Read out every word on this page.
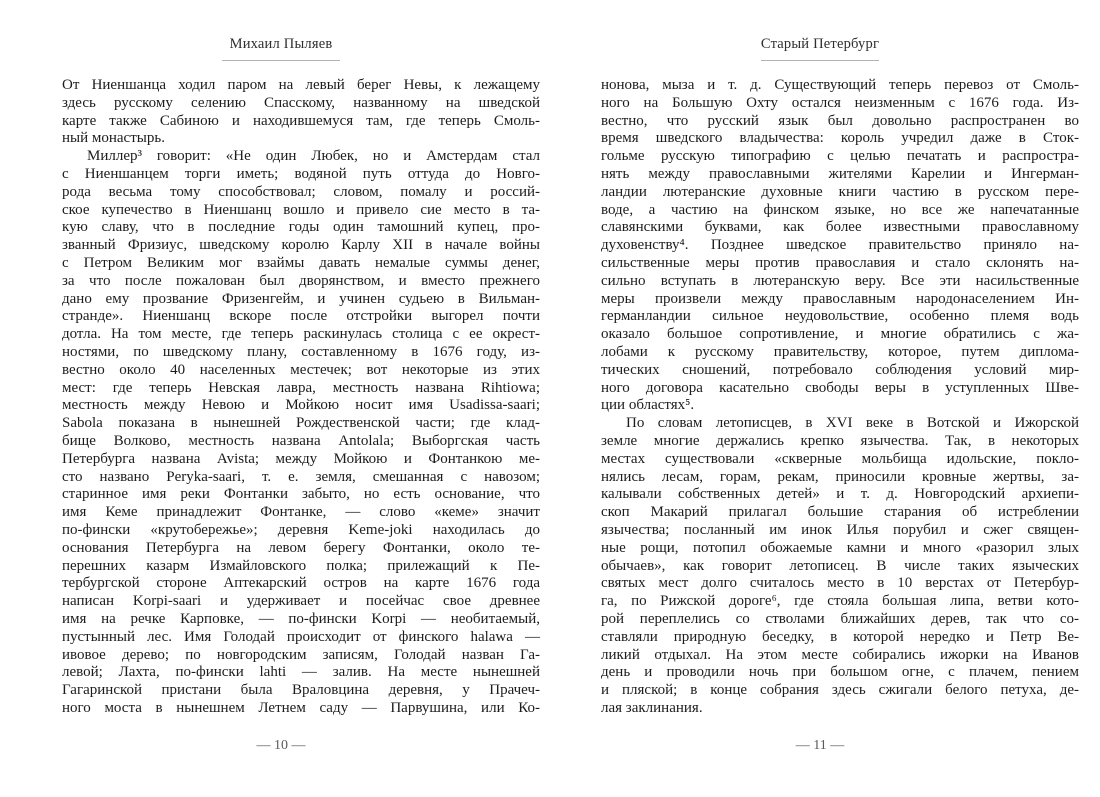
Михаил Пыляев
От Ниеншанца ходил паром на левый берег Невы, к лежащему
здесь русскому селению Спасскому, названному на шведской
карте также Сабиною и находившемуся там, где теперь Смоль-
ный монастырь.
Миллер³ говорит: «Не один Любек, но и Амстердам стал
с Ниеншанцем торги иметь; водяной путь оттуда до Новго-
рода весьма тому способствовал; словом, помалу и россий-
ское купечество в Ниеншанц вошло и привело сие место в та-
кую славу, что в последние годы один тамошний купец, про-
званный Фризиус, шведскому королю Карлу XII в начале войны
с Петром Великим мог взаймы давать немалые суммы денег,
за что после пожалован был дворянством, и вместо прежнего
дано ему прозвание Фризенгейм, и учинен судьею в Вильман-
странде». Ниеншанц вскоре после отстройки выгорел почти
дотла. На том месте, где теперь раскинулась столица с ее окрест-
ностями, по шведскому плану, составленному в 1676 году, из-
вестно около 40 населенных местечек; вот некоторые из этих
мест: где теперь Невская лавра, местность названа Rihtiowa;
местность между Невою и Мойкою носит имя Usadissa-saari;
Sabola показана в нынешней Рождественской части; где клад-
бище Волково, местность названа Antolala; Выборгская часть
Петербурга названа Avista; между Мойкою и Фонтанкою ме-
сто названо Peryka-saari, т. е. земля, смешанная с навозом;
старинное имя реки Фонтанки забыто, но есть основание, что
имя Кеме принадлежит Фонтанке, — слово «кеме» значит
по-фински «крутобережье»; деревня Keme-joki находилась до
основания Петербурга на левом берегу Фонтанки, около те-
перешних казарм Измайловского полка; прилежащий к Пе-
тербургской стороне Аптекарский остров на карте 1676 года
написан Korpi-saari и удерживает и посейчас свое древнее
имя на речке Карповке, — по-фински Korpi — необитаемый,
пустынный лес. Имя Голодай происходит от финского halawa —
ивовое дерево; по новгородским записям, Голодай назван Га-
левой; Лахта, по-фински lahti — залив. На месте нынешней
Гагаринской пристани была Враловцина деревня, у Прачеч-
ного моста в нынешнем Летнем саду — Парвушина, или Ко-
— 10 —
Старый Петербург
нонова, мыза и т. д. Существующий теперь перевоз от Смоль-
ного на Большую Охту остался неизменным с 1676 года. Из-
вестно, что русский язык был довольно распространен во
время шведского владычества: король учредил даже в Сток-
гольме русскую типографию с целью печатать и распростра-
нять между православными жителями Карелии и Ингерман-
ландии лютеранские духовные книги частию в русском пере-
воде, а частию на финском языке, но все же напечатанные
славянскими буквами, как более известными православному
духовенству⁴. Позднее шведское правительство приняло на-
сильственные меры против православия и стало склонять на-
сильно вступать в лютеранскую веру. Все эти насильственные
меры произвели между православным народонаселением Ин-
германландии сильное неудовольствие, особенно племя водь
оказало большое сопротивление, и многие обратились с жа-
лобами к русскому правительству, которое, путем диплома-
тических сношений, потребовало соблюдения условий мир-
ного договора касательно свободы веры в уступленных Шве-
ции областях⁵.
По словам летописцев, в XVI веке в Вотской и Ижорской
земле многие держались крепко язычества. Так, в некоторых
местах существовали «скверные мольбища идольские, покло-
нялись лесам, горам, рекам, приносили кровные жертвы, за-
калывали собственных детей» и т. д. Новгородский архиепи-
скоп Макарий прилагал большие старания об истреблении
язычества; посланный им инок Илья порубил и сжег священ-
ные рощи, потопил обожаемые камни и много «разорил злых
обычаев», как говорит летописец. В числе таких языческих
святых мест долго считалось место в 10 верстах от Петербур-
га, по Рижской дороге⁶, где стояла большая липа, ветви кото-
рой переплелись со стволами ближайших дерев, так что со-
ставляли природную беседку, в которой нередко и Петр Ве-
ликий отдыхал. На этом месте собирались ижорки на Иванов
день и проводили ночь при большом огне, с плачем, пением
и пляской; в конце собрания здесь сжигали белого петуха, де-
лая заклинания.
— 11 —
